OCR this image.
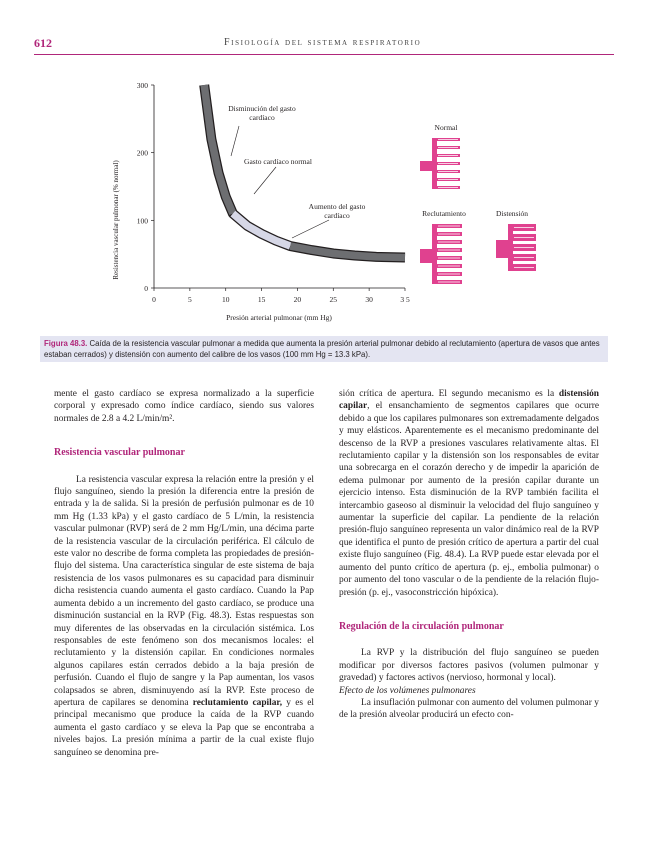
612	Fisiología del sistema respiratorio
0	5	10	15	20	25	30	3 5
0
100
200
300
Resistencia vascular pulmonar (% normal)
Presión arterial pulmonar (mm Hg)
Disminución del gasto cardíaco
Gasto cardíaco normal
Aumento del gasto cardíaco
Normal
Reclutamiento	Distensión
Figura 48.3. Caída de la resistencia vascular pulmonar a medida que aumenta la presión arterial pulmonar debido al reclutamiento (apertura de vasos que antes estaban cerrados) y distensión con aumento del calibre de los vasos (100 mm Hg = 13.3 kPa).

mente el gasto cardíaco se expresa normalizado a la superficie corporal y expresado como índice cardíaco, siendo sus valores normales de 2.8 a 4.2 L/min/m².

Resistencia vascular pulmonar

La resistencia vascular expresa la relación entre la presión y el flujo sanguíneo, siendo la presión la diferencia entre la presión de entrada y la de salida. Si la presión de perfusión pulmonar es de 10 mm Hg (1.33 kPa) y el gasto cardíaco de 5 L/min, la resistencia vascular pulmonar (RVP) será de 2 mm Hg/L/min, una décima parte de la resistencia vascular de la circulación periférica. El cálculo de este valor no describe de forma completa las propiedades de presión-flujo del sistema. Una característica singular de este sistema de baja resistencia de los vasos pulmonares es su capacidad para disminuir dicha resistencia cuando aumenta el gasto cardíaco. Cuando la Pap aumenta debido a un incremento del gasto cardíaco, se produce una disminución sustancial en la RVP (Fig. 48.3). Estas respuestas son muy diferentes de las observadas en la circulación sistémica. Los responsables de este fenómeno son dos mecanismos locales: el reclutamiento y la distensión capilar. En condiciones normales algunos capilares están cerrados debido a la baja presión de perfusión. Cuando el flujo de sangre y la Pap aumentan, los vasos colapsados se abren, disminuyendo así la RVP. Este proceso de apertura de capilares se denomina reclutamiento capilar, y es el principal mecanismo que produce la caída de la RVP cuando aumenta el gasto cardíaco y se eleva la Pap que se encontraba a niveles bajos. La presión mínima a partir de la cual existe flujo sanguíneo se denomina pre-

sión crítica de apertura. El segundo mecanismo es la distensión capilar, el ensanchamiento de segmentos capilares que ocurre debido a que los capilares pulmonares son extremadamente delgados y muy elásticos. Aparentemente es el mecanismo predominante del descenso de la RVP a presiones vasculares relativamente altas. El reclutamiento capilar y la distensión son los responsables de evitar una sobrecarga en el corazón derecho y de impedir la aparición de edema pulmonar por aumento de la presión capilar durante un ejercicio intenso. Esta disminución de la RVP también facilita el intercambio gaseoso al disminuir la velocidad del flujo sanguíneo y aumentar la superficie del capilar. La pendiente de la relación presión-flujo sanguíneo representa un valor dinámico real de la RVP que identifica el punto de presión crítico de apertura a partir del cual existe flujo sanguíneo (Fig. 48.4). La RVP puede estar elevada por el aumento del punto crítico de apertura (p. ej., embolia pulmonar) o por aumento del tono vascular o de la pendiente de la relación flujo-presión (p. ej., vasoconstricción hipóxica).

Regulación de la circulación pulmonar

La RVP y la distribución del flujo sanguíneo se pueden modificar por diversos factores pasivos (volumen pulmonar y gravedad) y factores activos (nervioso, hormonal y local).

Efecto de los volúmenes pulmonares

La insuflación pulmonar con aumento del volumen pulmonar y de la presión alveolar producirá un efecto con-
